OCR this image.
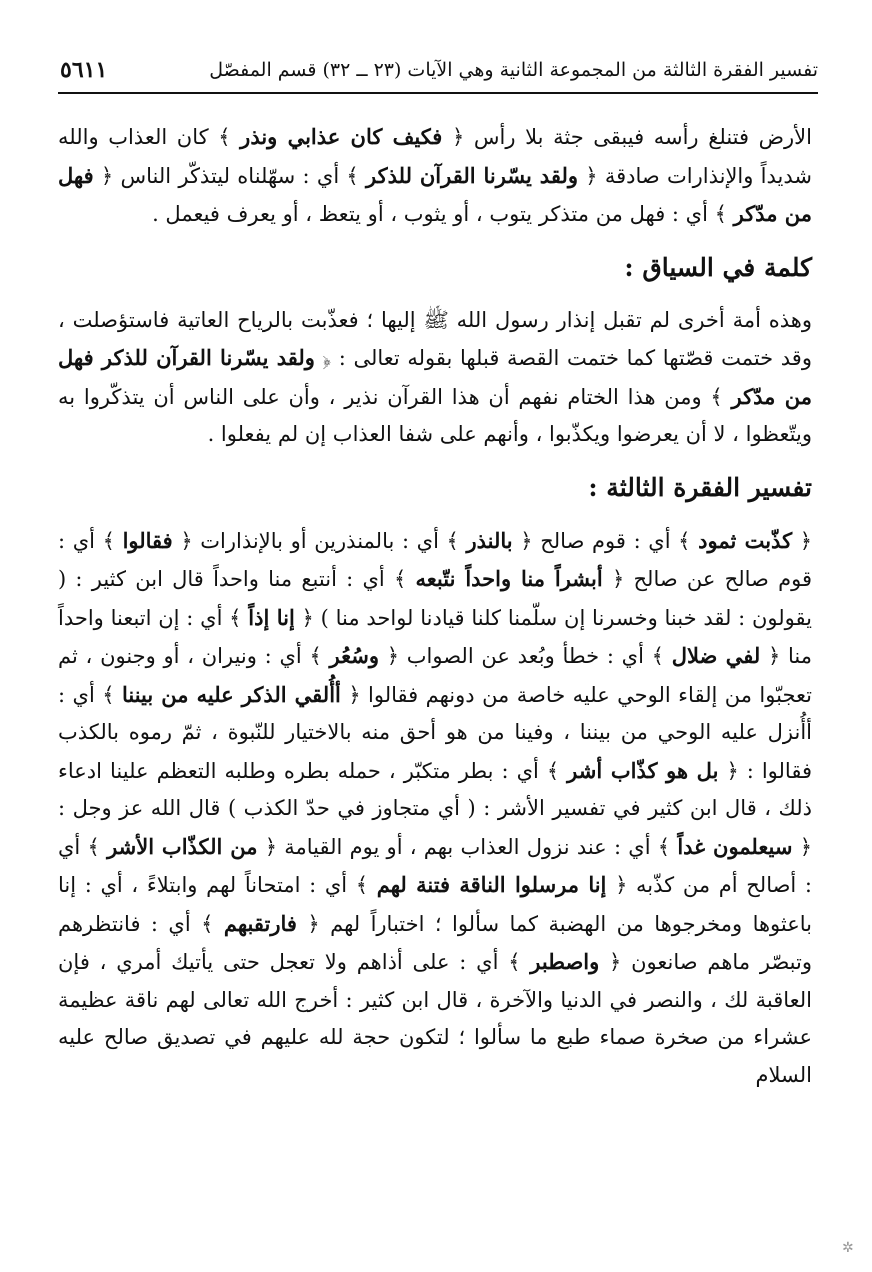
تفسير الفقرة الثالثة من المجموعة الثانية وهي الآيات (٢٣ ــ ٣٢) قسم المفصّل
٥٦١١

الأرض فتنلغ رأسه فيبقى جثة بلا رأس ﴿ فكيف كان عذابي ونذر ﴾ كان العذاب والله شديداً والإنذارات صادقة ﴿ ولقد يسّرنا القرآن للذكر ﴾ أي : سهّلناه ليتذكّر الناس ﴿ فهل من مدّكر ﴾ أي : فهل من متذكر يتوب ، أو يثوب ، أو يتعظ ، أو يعرف فيعمل .

كلمة في السياق :

وهذه أمة أخرى لم تقبل إنذار رسول الله ﷺ إليها ؛ فعذّبت بالرياح العاتية فاستؤصلت ، وقد ختمت قصّتها كما ختمت القصة قبلها بقوله تعالى : ﴿ ولقد يسّرنا القرآن للذكر فهل من مدّكر ﴾ ومن هذا الختام نفهم أن هذا القرآن نذير ، وأن على الناس أن يتذكّروا به ويتّعظوا ، لا أن يعرضوا ويكذّبوا ، وأنهم على شفا العذاب إن لم يفعلوا .

تفسير الفقرة الثالثة :

﴿ كذّبت ثمود ﴾ أي : قوم صالح ﴿ بالنذر ﴾ أي : بالمنذرين أو بالإنذارات ﴿ فقالوا ﴾ أي : قوم صالح عن صالح ﴿ أبشراً منا واحداً نتّبعه ﴾ أي : أنتبع منا واحداً قال ابن كثير : ( يقولون : لقد خبنا وخسرنا إن سلّمنا كلنا قيادنا لواحد منا ) ﴿ إنا إذاً ﴾ أي : إن اتبعنا واحداً منا ﴿ لفي ضلال ﴾ أي : خطأ وبُعد عن الصواب ﴿ وسُعُر ﴾ أي : ونيران ، أو وجنون ، ثم تعجبّوا من إلقاء الوحي عليه خاصة من دونهم فقالوا ﴿ أأُلقي الذكر عليه من بيننا ﴾ أي : أأُنزل عليه الوحي من بيننا ، وفينا من هو أحق منه بالاختيار للنّبوة ، ثمّ رموه بالكذب فقالوا : ﴿ بل هو كذّاب أشر ﴾ أي : بطر متكبّر ، حمله بطره وطلبه التعظم علينا ادعاء ذلك ، قال ابن كثير في تفسير الأشر : ( أي متجاوز في حدّ الكذب ) قال الله عز وجل : ﴿ سيعلمون غداً ﴾ أي : عند نزول العذاب بهم ، أو يوم القيامة ﴿ من الكذّاب الأشر ﴾ أي : أصالح أم من كذّبه ﴿ إنا مرسلوا الناقة فتنة لهم ﴾ أي : امتحاناً لهم وابتلاءً ، أي : إنا باعثوها ومخرجوها من الهضبة كما سألوا ؛ اختباراً لهم ﴿ فارتقبهم ﴾ أي : فانتظرهم وتبصّر ماهم صانعون ﴿ واصطبر ﴾ أي : على أذاهم ولا تعجل حتى يأتيك أمري ، فإن العاقبة لك ، والنصر في الدنيا والآخرة ، قال ابن كثير : أخرج الله تعالى لهم ناقة عظيمة عشراء من صخرة صماء طبع ما سألوا ؛ لتكون حجة لله عليهم في تصديق صالح عليه السلام

✲
